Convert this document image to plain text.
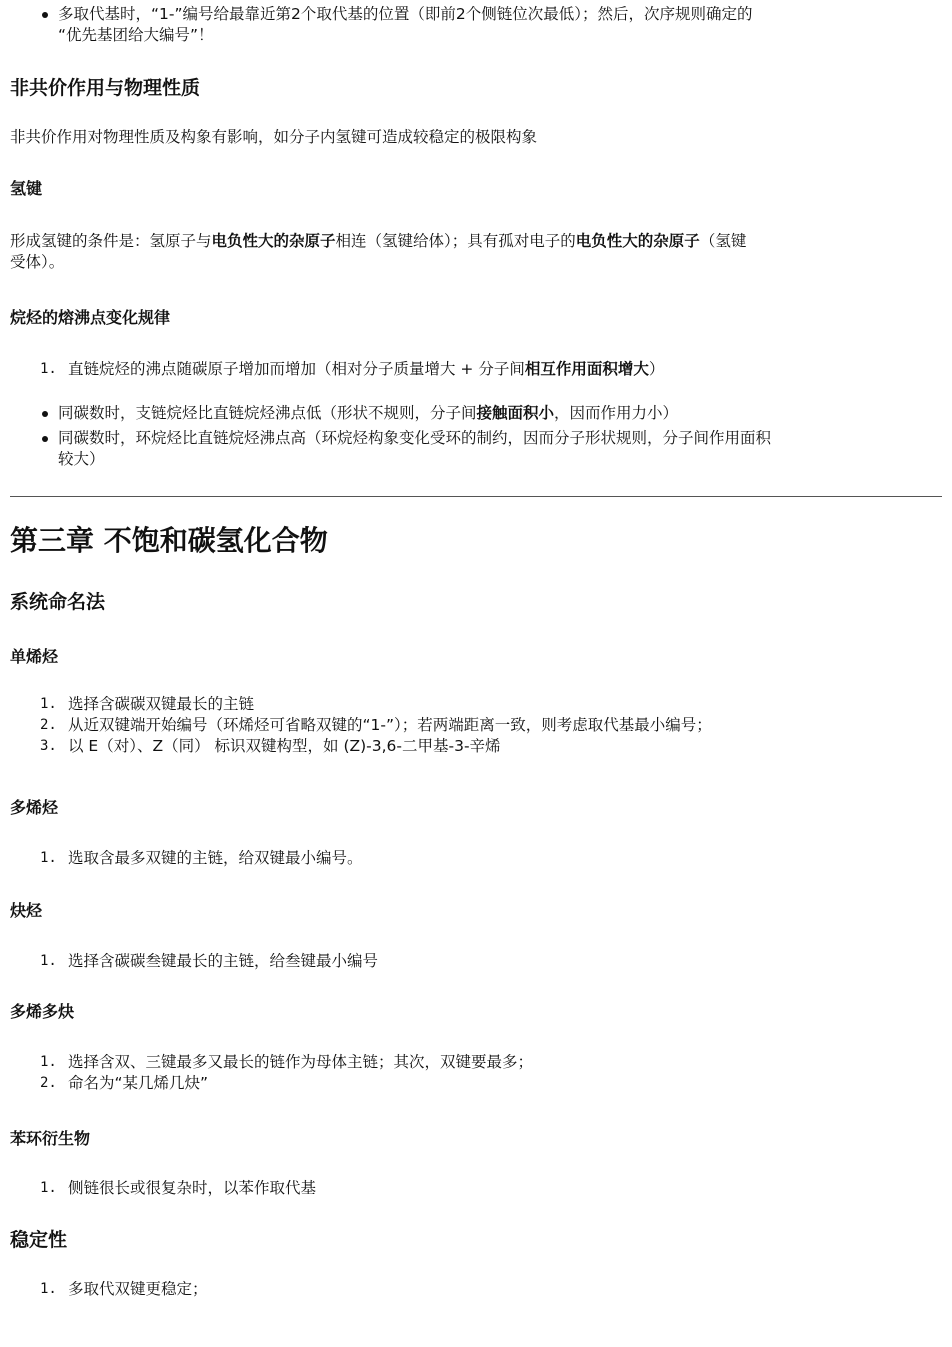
多取代基时，“1-”编号给最靠近第2个取代基的位置（即前2个侧链位次最低）；然后，次序规则确定的
“优先基团给大编号”！
非共价作用与物理性质

非共价作用对物理性质及构象有影响，如分子内氢键可造成较稳定的极限构象

氢键

形成氢键的条件是：氢原子与电负性大的杂原子相连（氢键给体）；具有孤对电子的电负性大的杂原子（氢键
受体）。

烷烃的熔沸点变化规律
1. 直链烷烃的沸点随碳原子增加而增加（相对分子质量增大 + 分子间相互作用面积增大）
同碳数时，支链烷烃比直链烷烃沸点低（形状不规则，分子间接触面积小，因而作用力小）
同碳数时，环烷烃比直链烷烃沸点高（环烷烃构象变化受环的制约，因而分子形状规则，分子间作用面积
较大）
第三章 不饱和碳氢化合物
系统命名法
单烯烃
1. 选择含碳碳双键最长的主链
2. 从近双键端开始编号（环烯烃可省略双键的“1-”）；若两端距离一致，则考虑取代基最小编号；
3. 以 E（对）、Z（同） 标识双键构型，如 (Z)-3,6-二甲基-3-辛烯
多烯烃
1. 选取含最多双键的主链，给双键最小编号。
炔烃
1. 选择含碳碳叁键最长的主链，给叁键最小编号
多烯多炔
1. 选择含双、三键最多又最长的链作为母体主链；其次，双键要最多；
2. 命名为“某几烯几炔”
苯环衍生物
1. 侧链很长或很复杂时，以苯作取代基
稳定性
1. 多取代双键更稳定；
